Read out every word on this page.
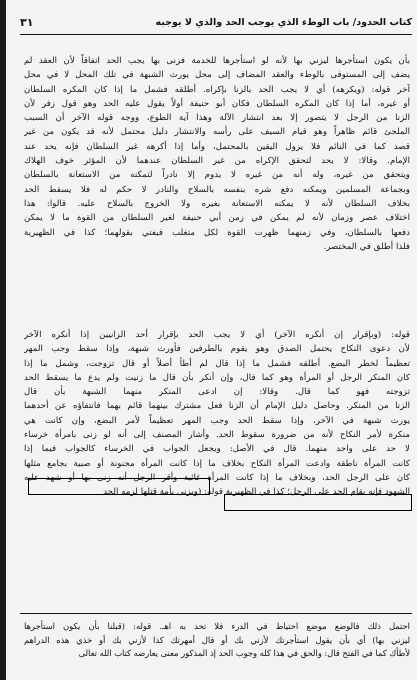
كتاب الحدود/ باب الوطء الذي يوجب الحد والذي لا يوجبه
٣١
بأن يكون استأجرها ليزني بها لأنه لو استأجرها للخدمة فزنى بها يجب الحد اتفاقاً لأن العقد لم
يضف إلى المستوفى بالوطء والعقد المضاف إلى محل يورث الشبهة في تلك المحل لا في محل
آخر قوله: (ويكرهه) أي لا يجب الحد بالزنا بإكراه. أطلقه فشمل ما إذا كان المكره السلطان
أو غيره، أما إذا كان المكره السلطان فكان أبو حنيفة أولاً يقول عليه الحد وهو قول زفر لأن
الزنا من الرجل لا يتصور إلا بعد انتشار الآلة وهذا آية الطوع، ووجه قوله الآخر أن السبب
الملجئ قائم ظاهراً وهو قيام السيف على رأسه والانتشار دليل محتمل لأنه قد يكون من غير
قصد كما في النائم فلا يزول اليقين بالمحتمل، وأما إذا أكرهه غير السلطان فإنه يحد عند
الإمام. وقالا: لا يحد لتحقق الإكراه من غير السلطان عندهما لأن المؤثر خوف الهلاك
ويتحقق من غيره، وله أنه من غيره لا يدوم إلا نادراً لتمكنه من الاستعانة بالسلطان
وبجماعة المسلمين ويمكنه دفع شره بنفسه بالسلاح والنادر لا حكم له فلا يسقط الحد
بخلاف السلطان لأنه لا يمكنه الاستعانة بغيره ولا الخروج بالسلاح عليه. قالوا: هذا
اختلاف عصر وزمان لأنه لم يمكن في زمن أبي حنيفة لغير السلطان من القوة ما لا يمكن
دفعها بالسلطان، وفي زمنهما ظهرت القوة لكل متغلب فيفتي بقولهما؛ كذا في الظهيرية
فلذا أطلق في المختصر.
قوله: (وبإقرار إن أنكره الآخر) أي لا يجب الحد بإقرار أحد الزانيين إذا أنكره الآخر
لأن دعوى النكاح يحتمل الصدق وهو يقوم بالطرفين فأورث شبهة، وإذا سقط وجب المهر
تعظيماً لخطر البضع. أطلقه فشمل ما إذا قال لم أطأ أصلاً أو قال تزوجت، وشمل ما إذا
كان المنكر الرجل أو المرأة وهو كما قال، وإن أنكر بأن قال ما زنيت ولم يدع ما يسقط الحد
تزوجته فهو كما قال. وقالا: إن ادعى المنكر منهما الشبهة بأن قال
الزنا من المنكر. وحاصل دليل الإمام أن الزنا فعل مشترك بينهما قائم بهما فانتفاؤه عن أحدهما
يورث شبهة في الآخر، وإذا سقط الحد وجب المهر تعظيماً لأمر البضع، وإن كانت هي
منكرة لأمر النكاح لأنه من ضرورة سقوط الحد. وأشار المصنف إلى أنه لو زنى بامرأة خرساء
لا حد على واحد منهما. قال في الأصل: ويجعل الجواب في الخرساء كالجواب فيما إذا
كانت المرأة ناطقة وادعت المرأة النكاح بخلاف ما إذا كانت المرأة مجنونة أو صبية بجامع مثلها
كان على الرجل الحد، وبخلاف ما إذا كانت المرأة غائبة وأقر الرجل أنه زنى بها أو شهد عليه
الشهود فإنه يقام الحد على الرجل؛ كذا في الظهيرية قوله: (وبزنى بأمة قتلها لزمه الحد
احتمل ذلك فالوضع موضع احتياط في الدرء فلا تحد به اهـ. قوله: (قبلنا بأن يكون استأجرها
ليزني بها) أي بأن يقول استأجرتك لأزني بك أو قال أمهرتك كذا لأزني بك أو خذي هذه الدراهم
لأطأك كما في الفتح قال: والحق في هذا كله وجوب الحد إذ المذكور معنى يعارضه كتاب الله تعالى
